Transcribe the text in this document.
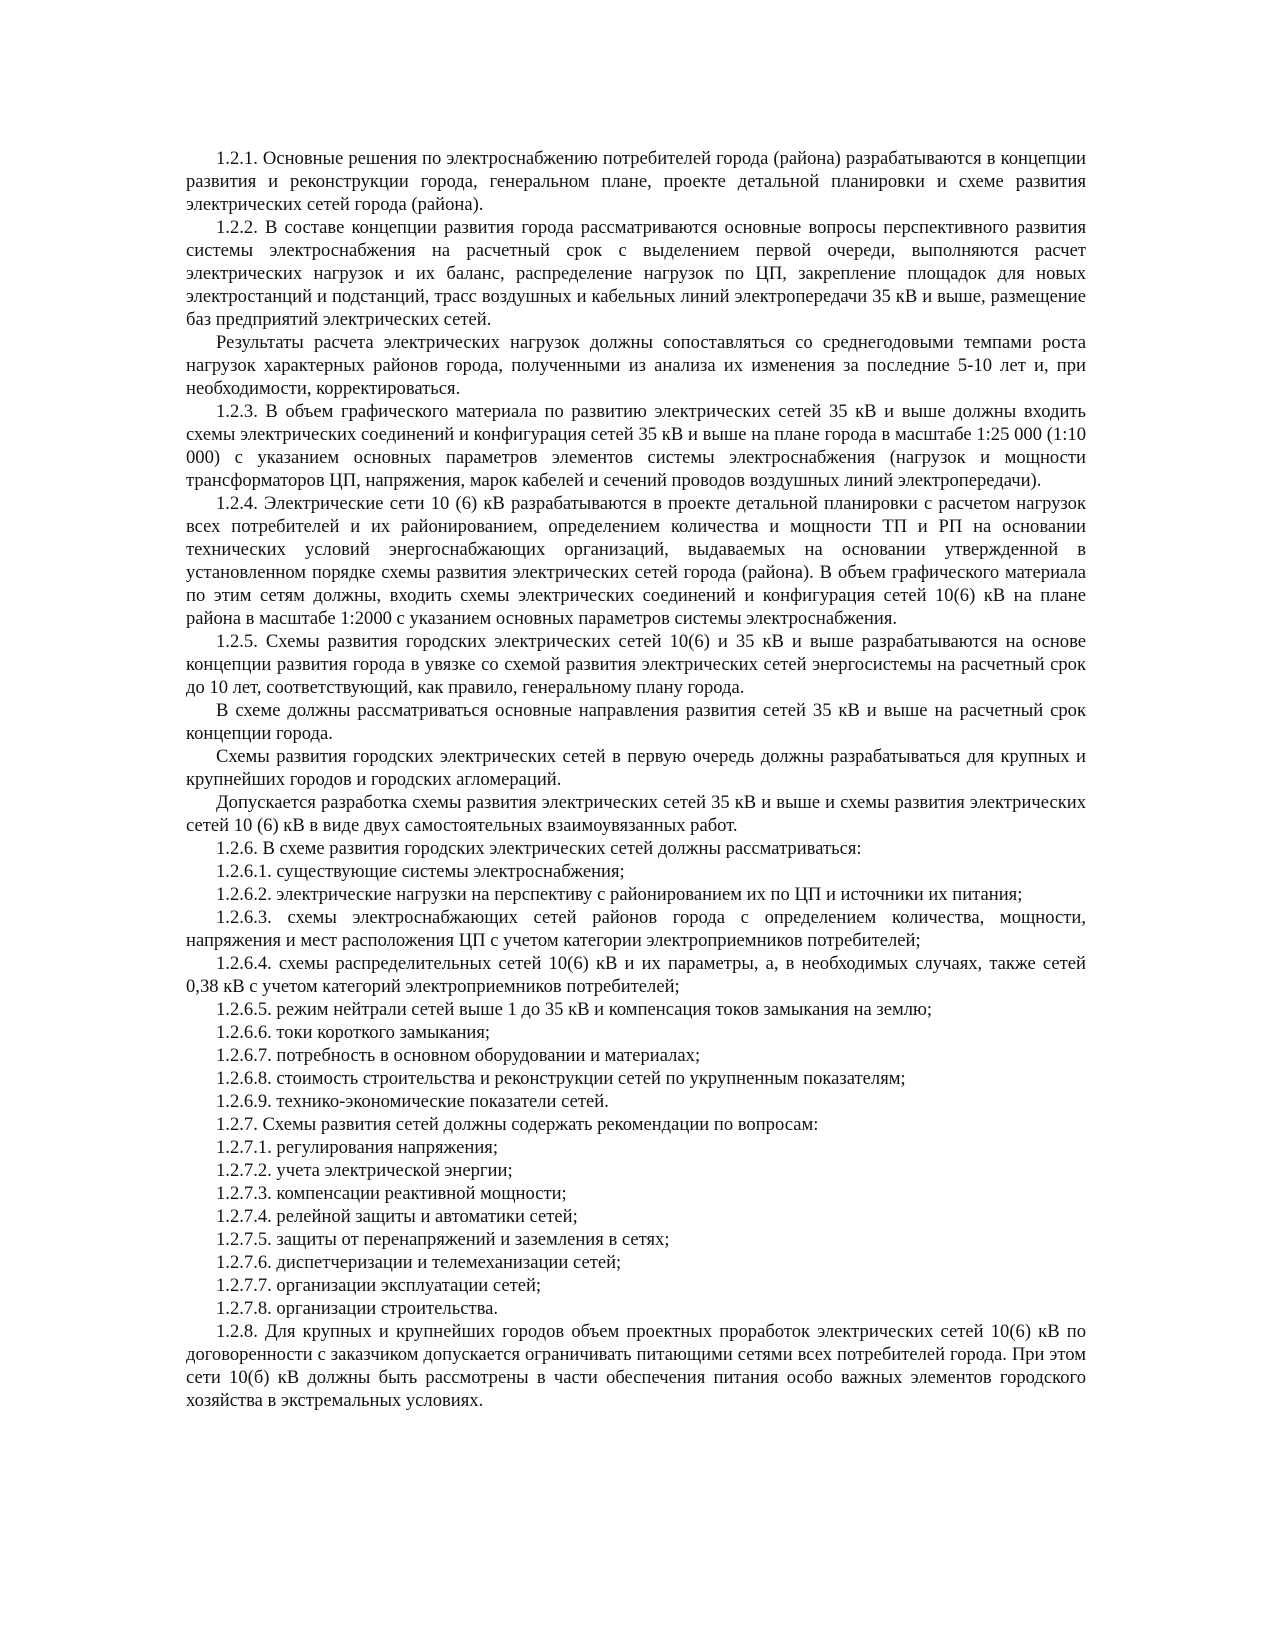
1.2.1. Основные решения по электроснабжению потребителей города (района) разрабатываются в концепции развития и реконструкции города, генеральном плане, проекте детальной планировки и схеме развития электрических сетей города (района).

1.2.2. В составе концепции развития города рассматриваются основные вопросы перспективного развития системы электроснабжения на расчетный срок с выделением первой очереди, выполняются расчет электрических нагрузок и их баланс, распределение нагрузок по ЦП, закрепление площадок для новых электростанций и подстанций, трасс воздушных и кабельных линий электропередачи 35 кВ и выше, размещение баз предприятий электрических сетей.

Результаты расчета электрических нагрузок должны сопоставляться со среднегодовыми темпами роста нагрузок характерных районов города, полученными из анализа их изменения за последние 5-10 лет и, при необходимости, корректироваться.

1.2.3. В объем графического материала по развитию электрических сетей 35 кВ и выше должны входить схемы электрических соединений и конфигурация сетей 35 кВ и выше на плане города в масштабе 1:25 000 (1:10 000) с указанием основных параметров элементов системы электроснабжения (нагрузок и мощности трансформаторов ЦП, напряжения, марок кабелей и сечений проводов воздушных линий электропередачи).

1.2.4. Электрические сети 10 (6) кВ разрабатываются в проекте детальной планировки с расчетом нагрузок всех потребителей и их районированием, определением количества и мощности ТП и РП на основании технических условий энергоснабжающих организаций, выдаваемых на основании утвержденной в установленном порядке схемы развития электрических сетей города (района). В объем графического материала по этим сетям должны, входить схемы электрических соединений и конфигурация сетей 10(6) кВ на плане района в масштабе 1:2000 с указанием основных параметров системы электроснабжения.

1.2.5. Схемы развития городских электрических сетей 10(6) и 35 кВ и выше разрабатываются на основе концепции развития города в увязке со схемой развития электрических сетей энергосистемы на расчетный срок до 10 лет, соответствующий, как правило, генеральному плану города.

В схеме должны рассматриваться основные направления развития сетей 35 кВ и выше на расчетный срок концепции города.

Схемы развития городских электрических сетей в первую очередь должны разрабатываться для крупных и крупнейших городов и городских агломераций.

Допускается разработка схемы развития электрических сетей 35 кВ и выше и схемы развития электрических сетей 10 (6) кВ в виде двух самостоятельных взаимоувязанных работ.

1.2.6. В схеме развития городских электрических сетей должны рассматриваться:

1.2.6.1. существующие системы электроснабжения;

1.2.6.2. электрические нагрузки на перспективу с районированием их по ЦП и источники их питания;

1.2.6.3. схемы электроснабжающих сетей районов города с определением количества, мощности, напряжения и мест расположения ЦП с учетом категории электроприемников потребителей;

1.2.6.4. схемы распределительных сетей 10(6) кВ и их параметры, а, в необходимых случаях, также сетей 0,38 кВ с учетом категорий электроприемников потребителей;

1.2.6.5. режим нейтрали сетей выше 1 до 35 кВ и компенсация токов замыкания на землю;

1.2.6.6. токи короткого замыкания;

1.2.6.7. потребность в основном оборудовании и материалах;

1.2.6.8. стоимость строительства и реконструкции сетей по укрупненным показателям;

1.2.6.9. технико-экономические показатели сетей.

1.2.7. Схемы развития сетей должны содержать рекомендации по вопросам:

1.2.7.1. регулирования напряжения;

1.2.7.2. учета электрической энергии;

1.2.7.3. компенсации реактивной мощности;

1.2.7.4. релейной защиты и автоматики сетей;

1.2.7.5. защиты от перенапряжений и заземления в сетях;

1.2.7.6. диспетчеризации и телемеханизации сетей;

1.2.7.7. организации эксплуатации сетей;

1.2.7.8. организации строительства.

1.2.8. Для крупных и крупнейших городов объем проектных проработок электрических сетей 10(6) кВ по договоренности с заказчиком допускается ограничивать питающими сетями всех потребителей города. При этом сети 10(б) кВ должны быть рассмотрены в части обеспечения питания особо важных элементов городского хозяйства в экстремальных условиях.
